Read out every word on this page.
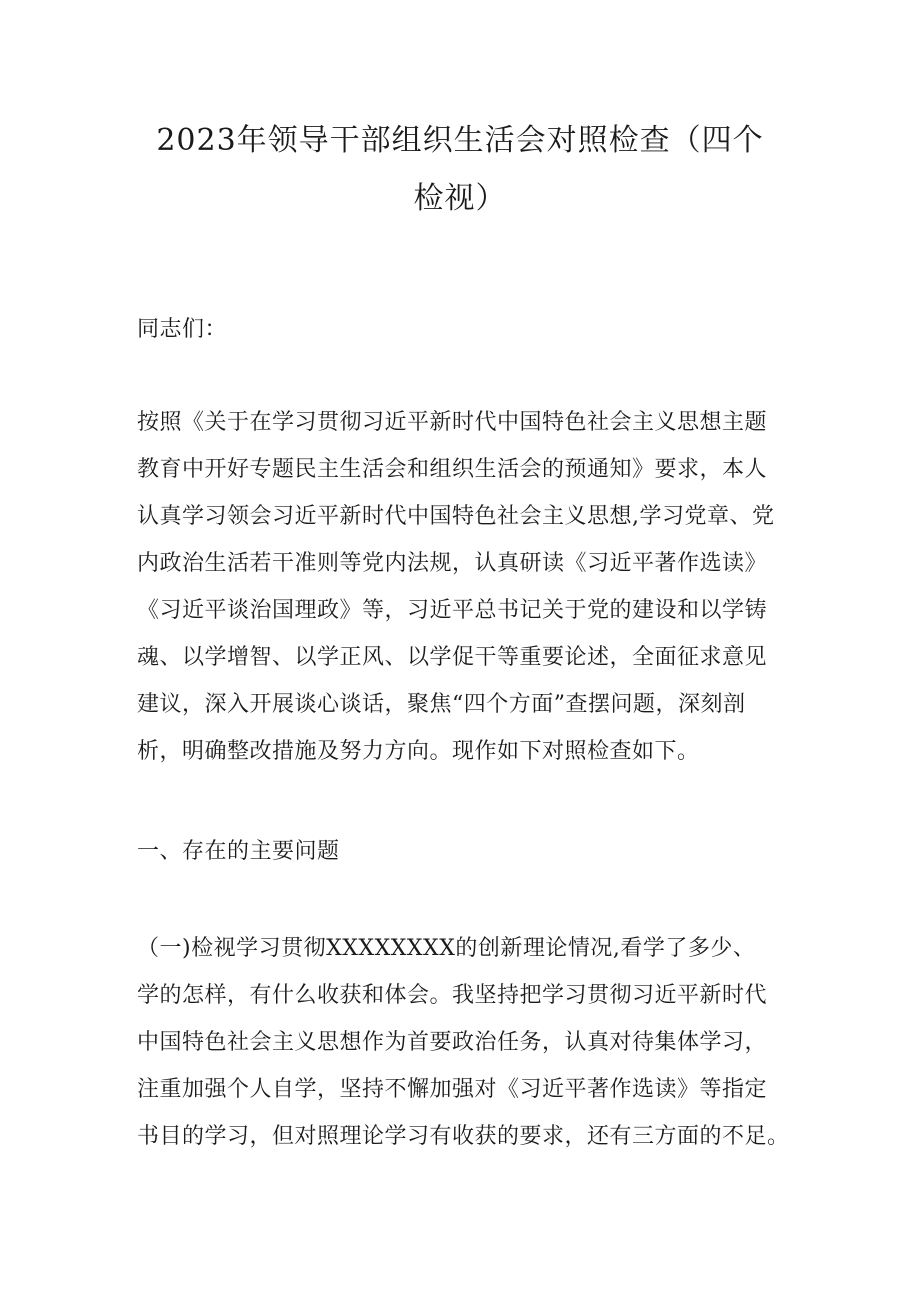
2023年领导干部组织生活会对照检查（四个
检视）

同志们：

按照《关于在学习贯彻习近平新时代中国特色社会主义思想主题
教育中开好专题民主生活会和组织生活会的预通知》要求，本人
认真学习领会习近平新时代中国特色社会主义思想,学习党章、党
内政治生活若干准则等党内法规，认真研读《习近平著作选读》
《习近平谈治国理政》等，习近平总书记关于党的建设和以学铸
魂、以学增智、以学正风、以学促干等重要论述，全面征求意见
建议，深入开展谈心谈话，聚焦“四个方面”查摆问题，深刻剖
析，明确整改措施及努力方向。现作如下对照检查如下。

一、存在的主要问题

（一)检视学习贯彻XXXXXXXX的创新理论情况,看学了多少、
学的怎样，有什么收获和体会。我坚持把学习贯彻习近平新时代
中国特色社会主义思想作为首要政治任务，认真对待集体学习，
注重加强个人自学，坚持不懈加强对《习近平著作选读》等指定
书目的学习，但对照理论学习有收获的要求，还有三方面的不足。
